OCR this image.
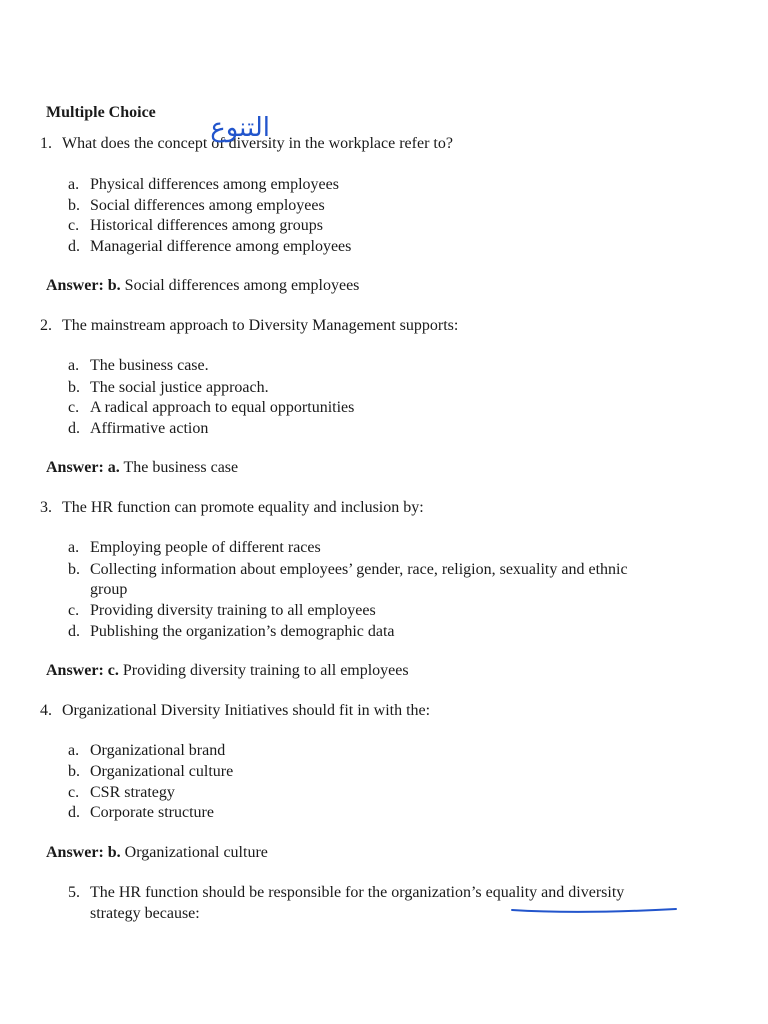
Multiple Choice
1. What does the concept of diversity in the workplace refer to?
a. Physical differences among employees
b. Social differences among employees
c. Historical differences among groups
d. Managerial difference among employees
Answer: b. Social differences among employees
2. The mainstream approach to Diversity Management supports:
a. The business case.
b. The social justice approach.
c. A radical approach to equal opportunities
d. Affirmative action
Answer: a. The business case
3. The HR function can promote equality and inclusion by:
a. Employing people of different races
b. Collecting information about employees’ gender, race, religion, sexuality and ethnic
group
c. Providing diversity training to all employees
d. Publishing the organization’s demographic data
Answer: c. Providing diversity training to all employees
4. Organizational Diversity Initiatives should fit in with the:
a. Organizational brand
b. Organizational culture
c. CSR strategy
d. Corporate structure
Answer: b. Organizational culture
5. The HR function should be responsible for the organization’s equality and diversity
strategy because:
التنوع
